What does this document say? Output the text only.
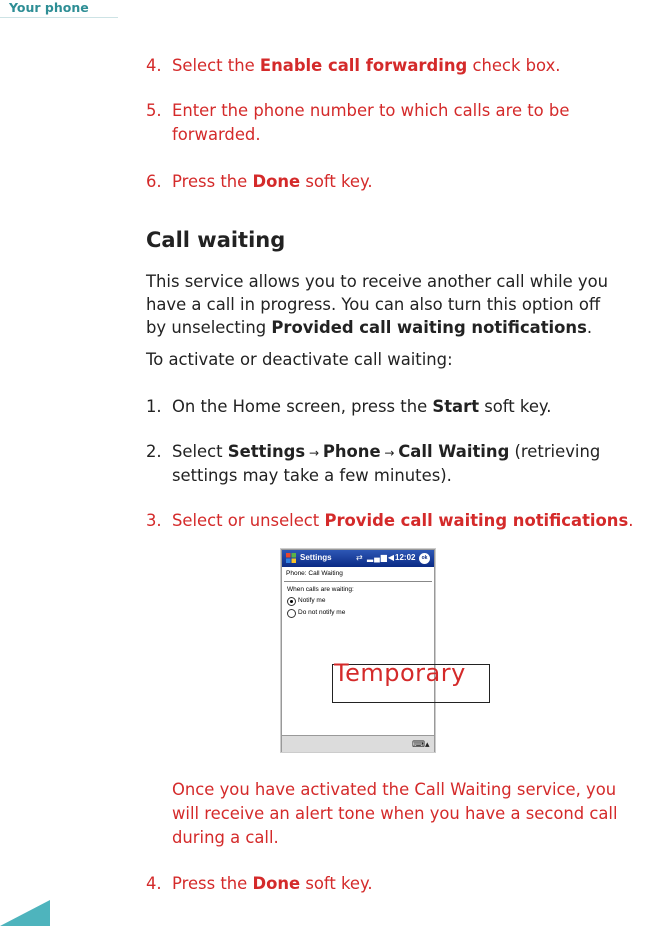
Your phone
4. Select the Enable call forwarding check box.
5. Enter the phone number to which calls are to be
forwarded.
6. Press the Done soft key.
Call waiting
This service allows you to receive another call while you
have a call in progress. You can also turn this option off
by unselecting Provided call waiting notifications.
To activate or deactivate call waiting:
1. On the Home screen, press the Start soft key.
2. Select Settings → Phone → Call Waiting (retrieving
settings may take a few minutes).
3. Select or unselect Provide call waiting notifications.
Settings	⇄ ▂▄▆◀ 12:02	ok
Phone: Call Waiting
When calls are waiting:
Notify me
Do not notify me
⌨▴
Temporary
Once you have activated the Call Waiting service, you
will receive an alert tone when you have a second call
during a call.
4. Press the Done soft key.
96
